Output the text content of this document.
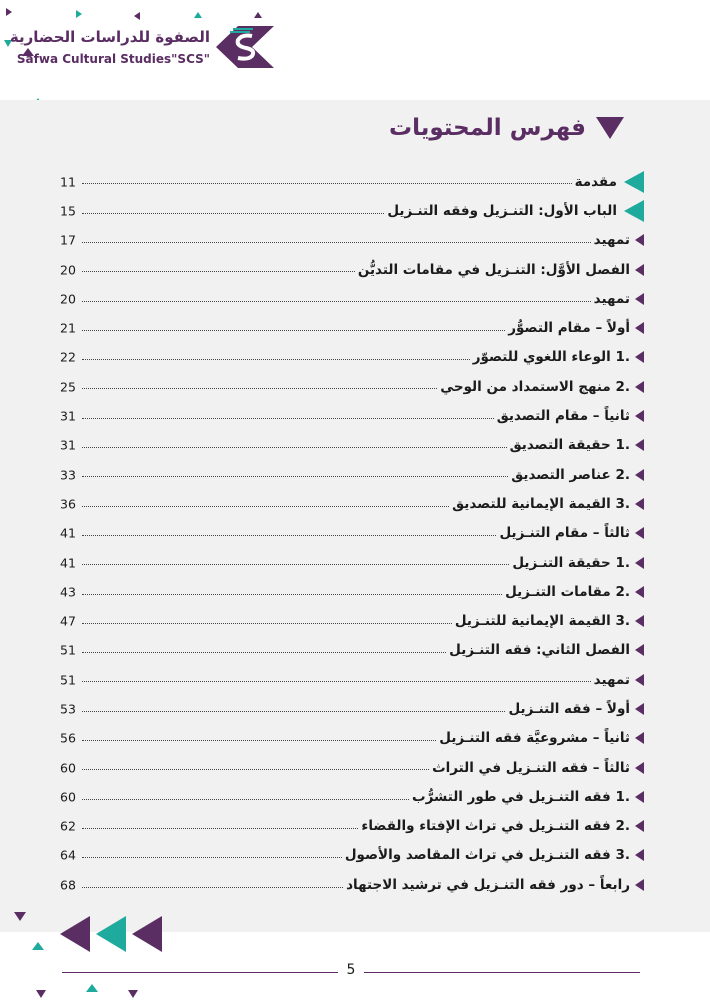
الصفوة للدراسات الحضارية
Safwa Cultural Studies"SCS"
فهرس المحتويات
مقدمة
11
الباب الأول: التنـزيل وفقه التنـزيل
15
تمهيد
17
الفصل الأوَّل: التنـزيل في مقامات التديُّن
20
تمهيد
20
أولاً – مقام التصوُّر
21
.1 الوعاء اللغوي للتصوّر
22
.2 منهج الاستمداد من الوحي
25
ثانياً – مقام التصديق
31
.1 حقيقة التصديق
31
.2 عناصر التصديق
33
.3 القيمة الإيمانية للتصديق
36
ثالثاً – مقام التنـزيل
41
.1 حقيقة التنـزيل
41
.2 مقامات التنـزيل
43
.3 القيمة الإيمانية للتنـزيل
47
الفصل الثاني: فقه التنـزيل
51
تمهيد
51
أولاً – فقه التنـزيل
53
ثانياً – مشروعيَّة فقه التنـزيل
56
ثالثاً – فقه التنـزيل في التراث
60
.1 فقه التنـزيل في طور التشرُّب
60
.2 فقه التنـزيل في تراث الإفتاء والقضاء
62
.3 فقه التنـزيل في تراث المقاصد والأصول
64
رابعاً – دور فقه التنـزيل في ترشيد الاجتهاد
68
5
